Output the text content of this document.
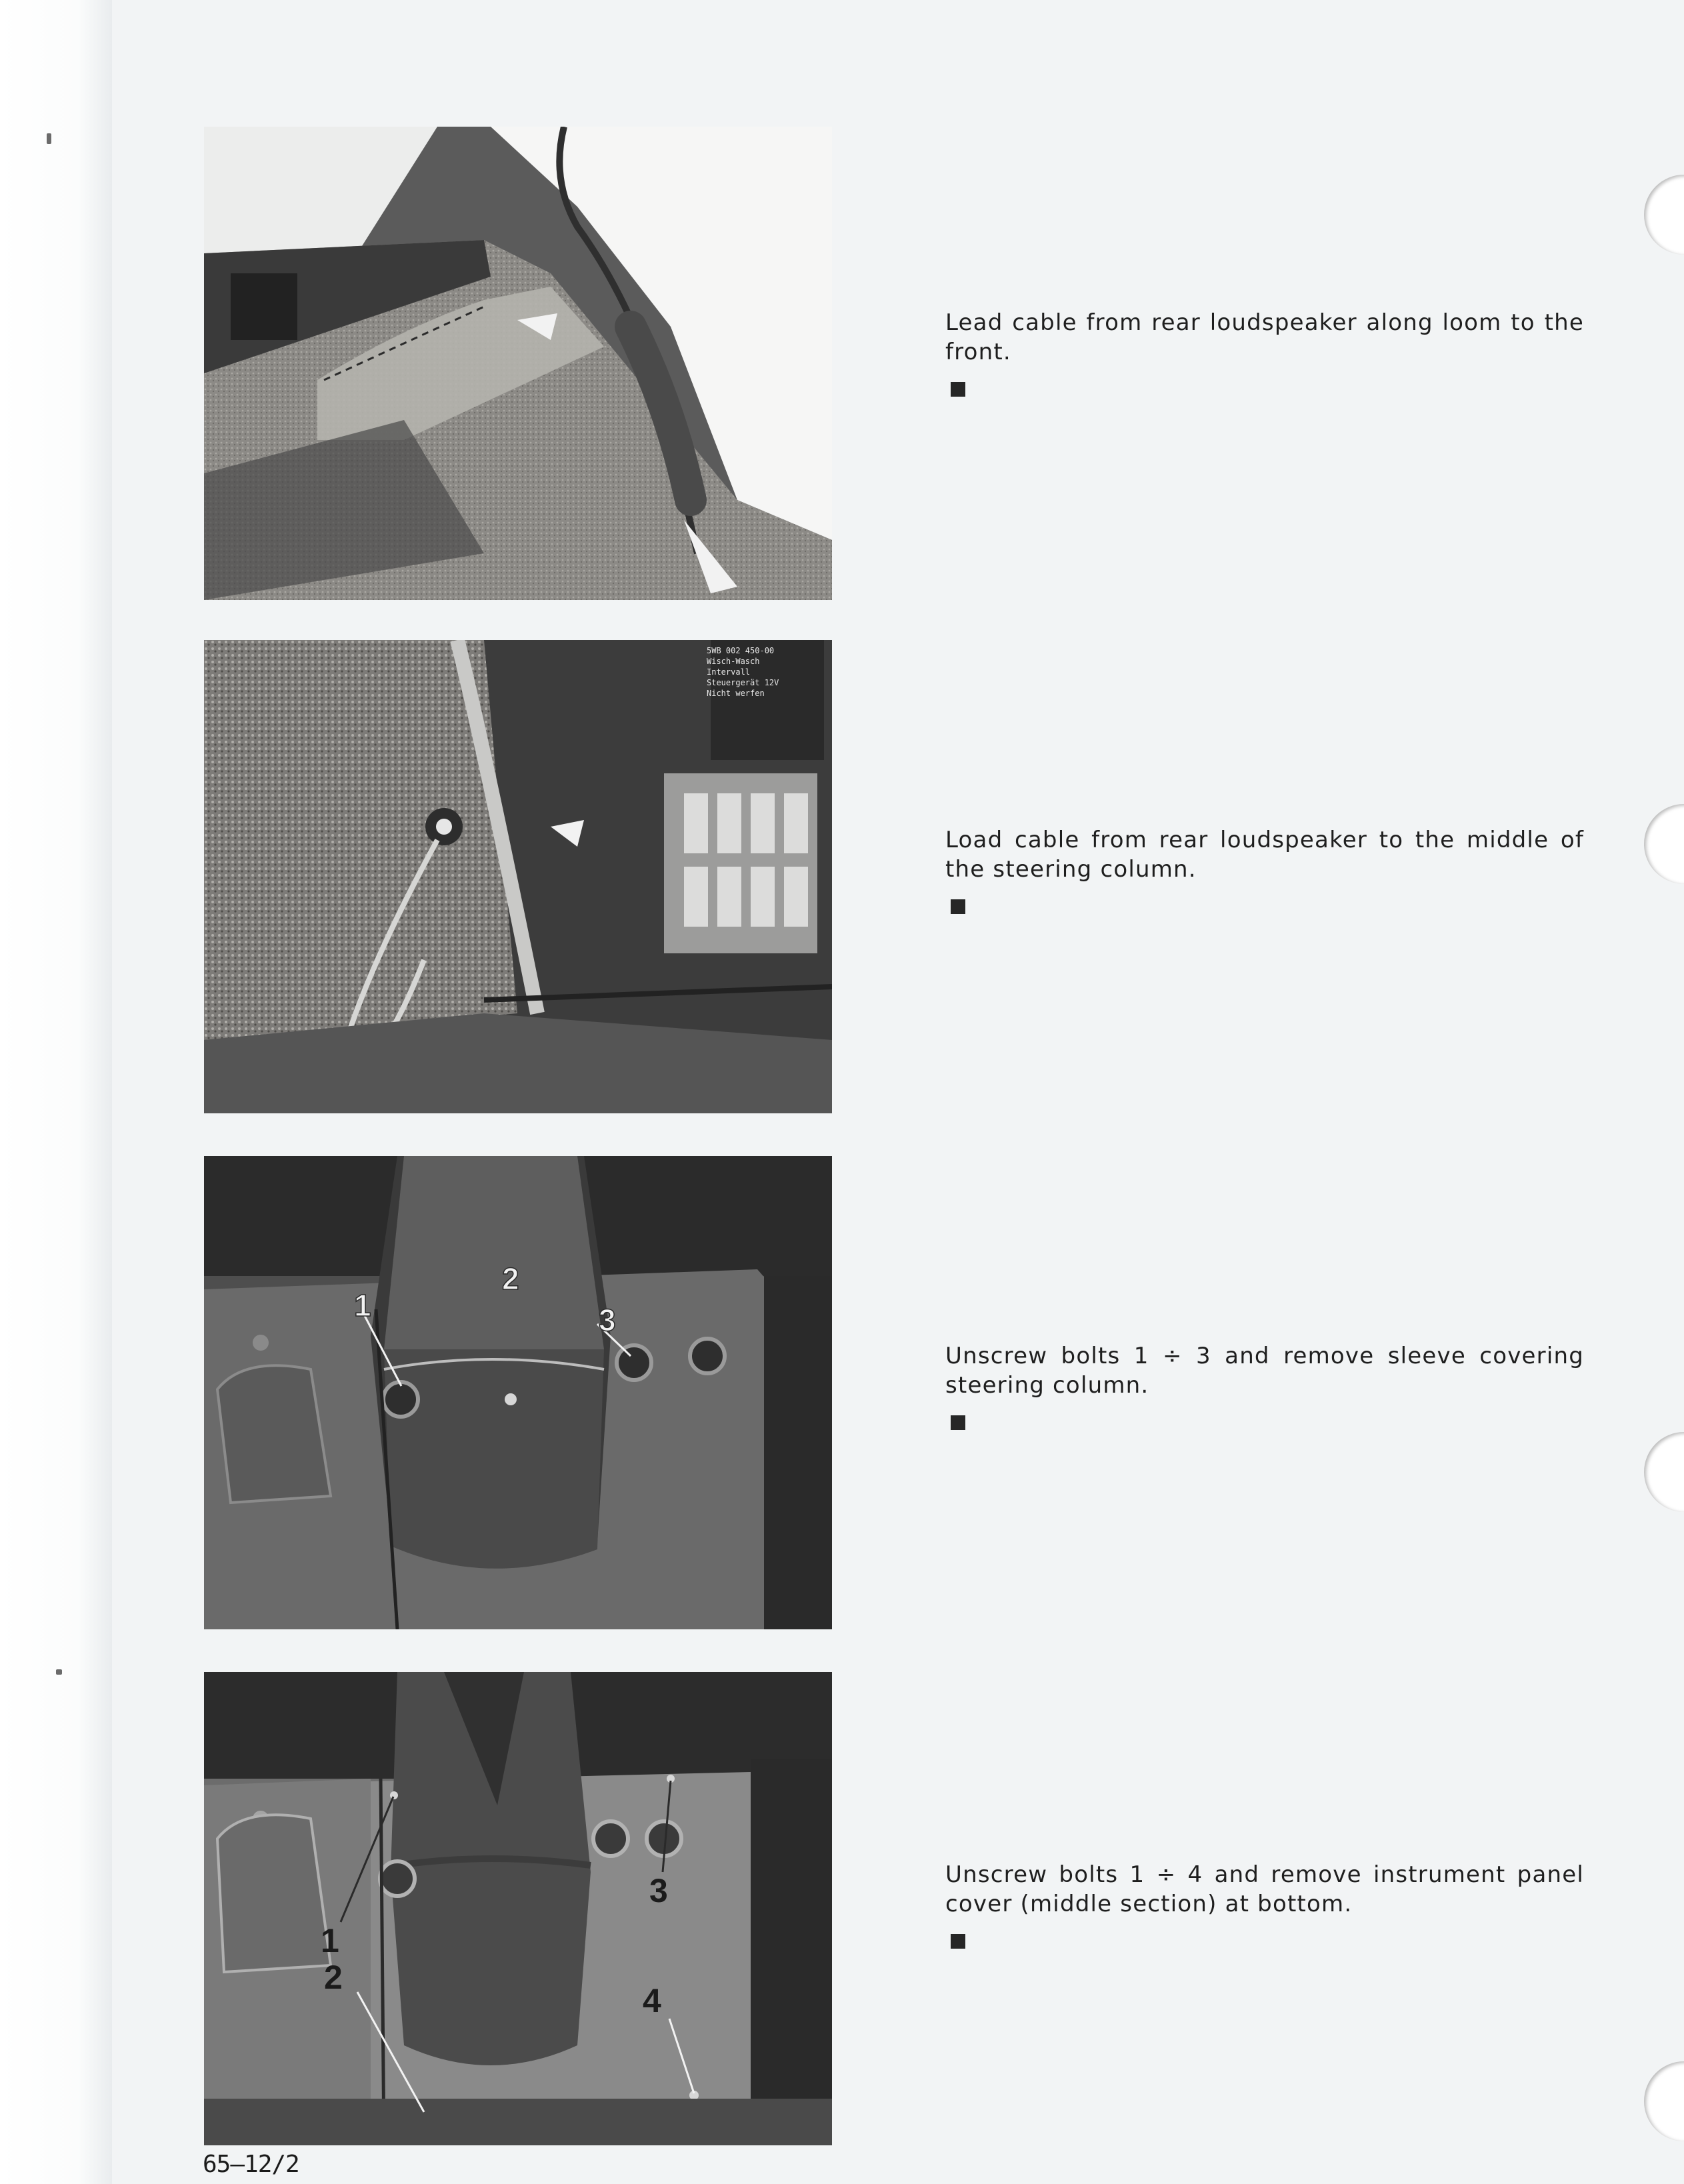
Lead cable from rear loudspeaker along loom to the front.

5WB 002 450-00
Wisch-Wasch
Intervall
Steuergerät 12V
Nicht werfen

Load cable from rear loudspeaker to the middle of the steering column.

1
2
3

Unscrew bolts 1 ÷ 3 and remove sleeve covering steering column.

1
2
3
4

Unscrew bolts 1 ÷ 4 and remove instrument panel cover (middle section) at bottom.

65–12/2
